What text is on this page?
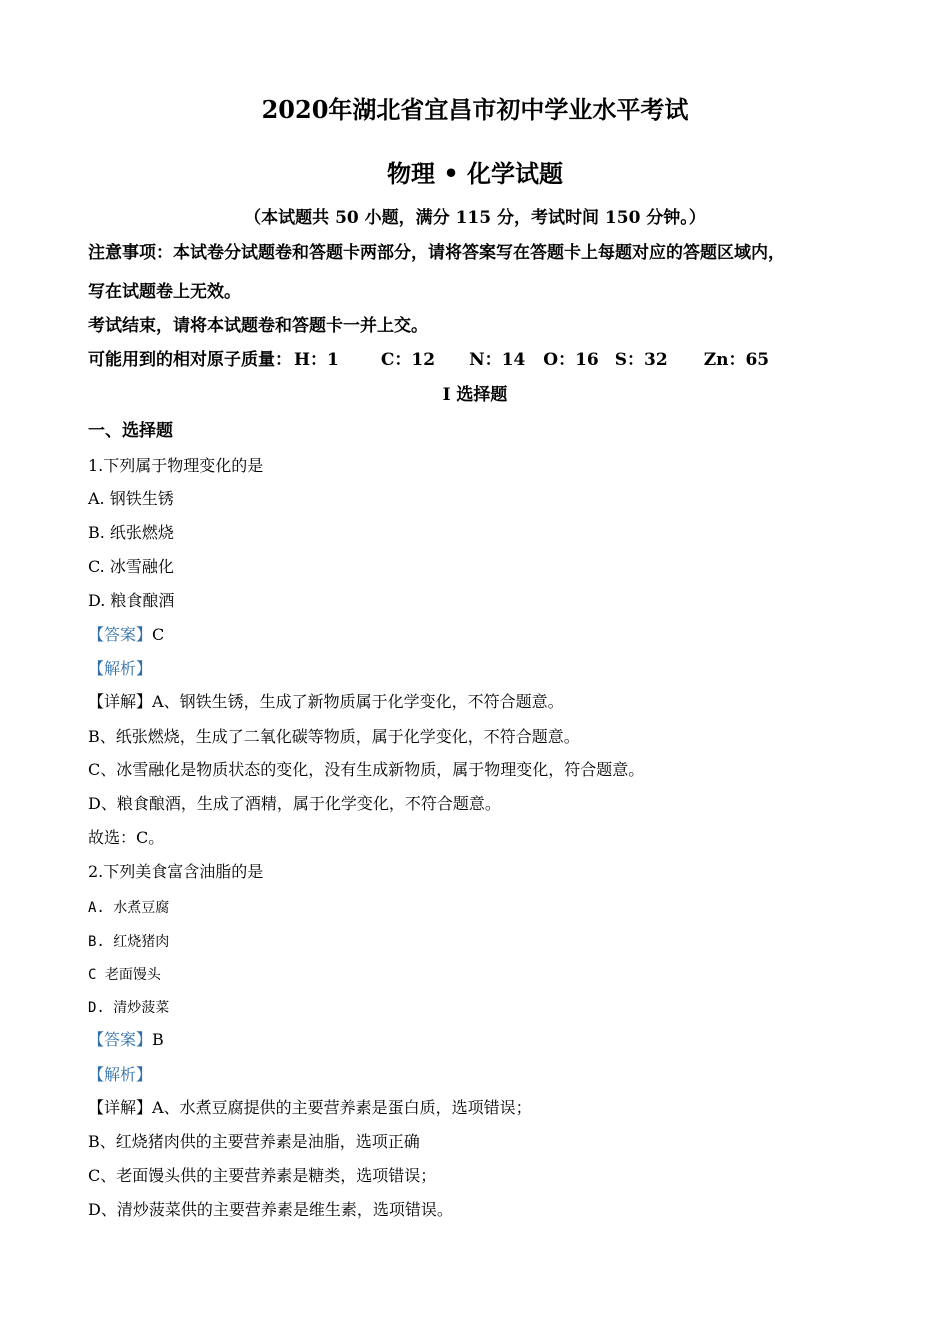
2020年湖北省宜昌市初中学业水平考试
物理 • 化学试题
（本试题共 50 小题，满分 115 分，考试时间 150 分钟。）
注意事项：本试卷分试题卷和答题卡两部分，请将答案写在答题卡上每题对应的答题区域内，
写在试题卷上无效。
考试结束，请将本试题卷和答题卡一并上交。
可能用到的相对原子质量： H：1 C：12 N：14 O：16 S：32 Zn：65
I 选择题
一、选择题
1.下列属于物理变化的是
A. 钢铁生锈
B. 纸张燃烧
C. 冰雪融化
D. 粮食酿酒
【答案】C
【解析】
【详解】A、钢铁生锈，生成了新物质属于化学变化，不符合题意。
B、纸张燃烧，生成了二氧化碳等物质，属于化学变化，不符合题意。
C、冰雪融化是物质状态的变化，没有生成新物质，属于物理变化，符合题意。
D、粮食酿酒，生成了酒精，属于化学变化，不符合题意。
故选：C。
2.下列美食富含油脂的是
A. 水煮豆腐
B. 红烧猪肉
C 老面馒头
D. 清炒菠菜
【答案】B
【解析】
【详解】A、水煮豆腐提供的主要营养素是蛋白质，选项错误；
B、红烧猪肉供的主要营养素是油脂，选项正确
C、老面馒头供的主要营养素是糖类，选项错误；
D、清炒菠菜供的主要营养素是维生素，选项错误。
